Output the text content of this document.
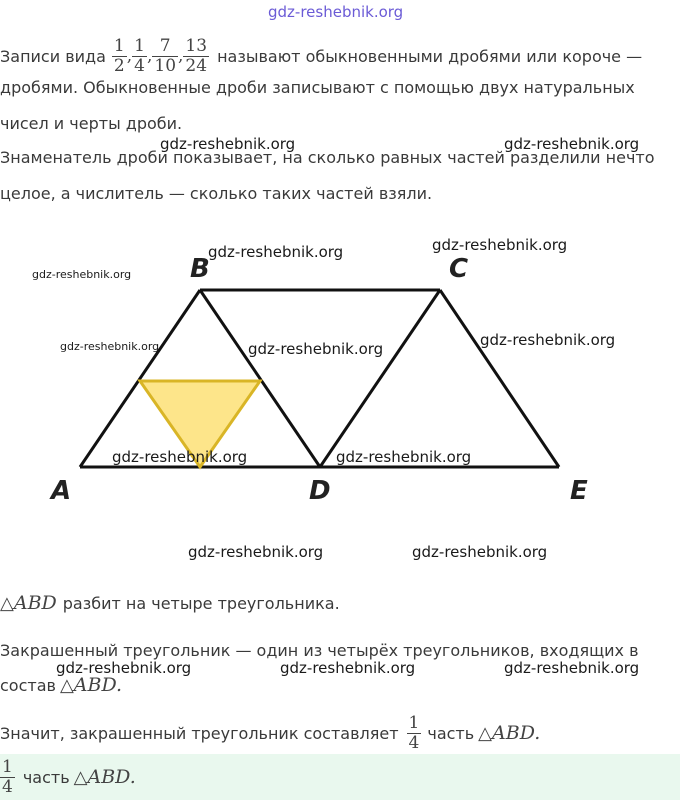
gdz-reshebnik.org
Записи вида $\frac{1}{2}$ , $\frac{1}{4}$ , $\frac{7}{10}$ , $\frac{13}{24}$ называют обыкновенными дробями или короче —
дробями. Обыкновенные дроби записывают с помощью двух натуральных
чисел и черты дроби.
Знаменатель дроби показывает, на сколько равных частей разделили нечто
целое, а числитель — сколько таких частей взяли.
B	C
A	D	E
△ABD разбит на четыре треугольника.
Закрашенный треугольник — один из четырёх треугольников, входящих в
состав △ABD.
Значит, закрашенный треугольник составляет $\frac{1}{4}$ часть △ABD.
$\frac{1}{4}$ часть △ABD.
gdz-reshebnik.org	gdz-reshebnik.org
gdz-reshebnik.org	gdz-reshebnik.org
gdz-reshebnik.org
gdz-reshebnik.org	gdz-reshebnik.org	gdz-reshebnik.org
gdz-reshebnik.org	gdz-reshebnik.org
gdz-reshebnik.org	gdz-reshebnik.org
gdz-reshebnik.org	gdz-reshebnik.org	gdz-reshebnik.org
